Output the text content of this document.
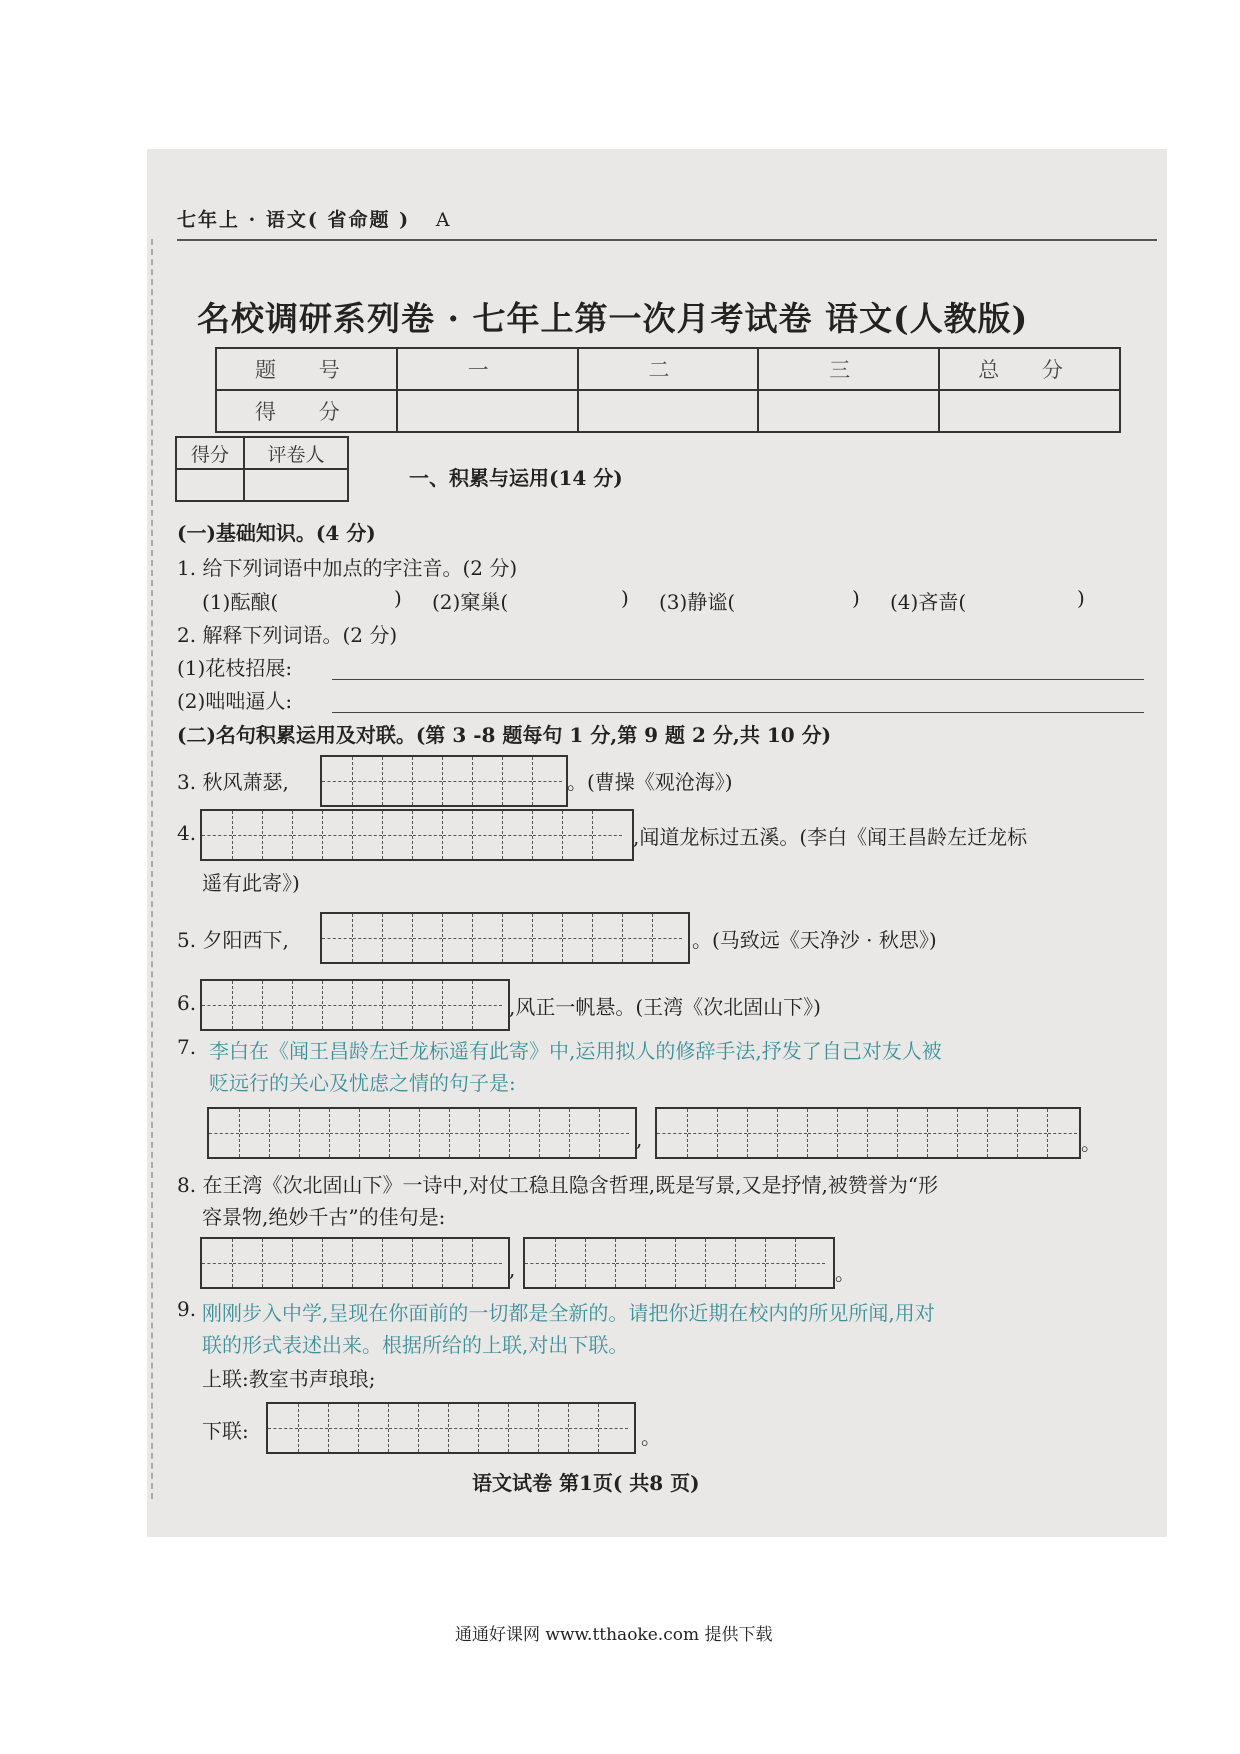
七年上 · 语文( 省命题 ) A
名校调研系列卷 · 七年上第一次月考试卷 语文(人教版)
题 号	一	二	三	总 分
得 分				
得分	评卷人

一、积累与运用(14 分)
(一)基础知识。(4 分)
1. 给下列词语中加点的字注音。(2 分)
(1)酝酿(	) (2)窠巢(	) (3)静谧(	) (4)吝啬(	)
2. 解释下列词语。(2 分)
(1)花枝招展:
(2)咄咄逼人:
(二)名句积累运用及对联。(第 3 -8 题每句 1 分,第 9 题 2 分,共 10 分)
3. 秋风萧瑟,	。(曹操《观沧海》)
4.	,闻道龙标过五溪。(李白《闻王昌龄左迁龙标
遥有此寄》)
5. 夕阳西下,	。(马致远《天净沙 · 秋思》)
6.	,风正一帆悬。(王湾《次北固山下》)
7. 李白在《闻王昌龄左迁龙标遥有此寄》中,运用拟人的修辞手法,抒发了自己对友人被
贬远行的关心及忧虑之情的句子是:
,	。
8. 在王湾《次北固山下》一诗中,对仗工稳且隐含哲理,既是写景,又是抒情,被赞誉为“形
容景物,绝妙千古”的佳句是:
,	。
9. 刚刚步入中学,呈现在你面前的一切都是全新的。请把你近期在校内的所见所闻,用对
联的形式表述出来。根据所给的上联,对出下联。
上联:教室书声琅琅;
下联:	。
语文试卷 第1页( 共8 页)
通通好课网 www.tthaoke.com 提供下载
